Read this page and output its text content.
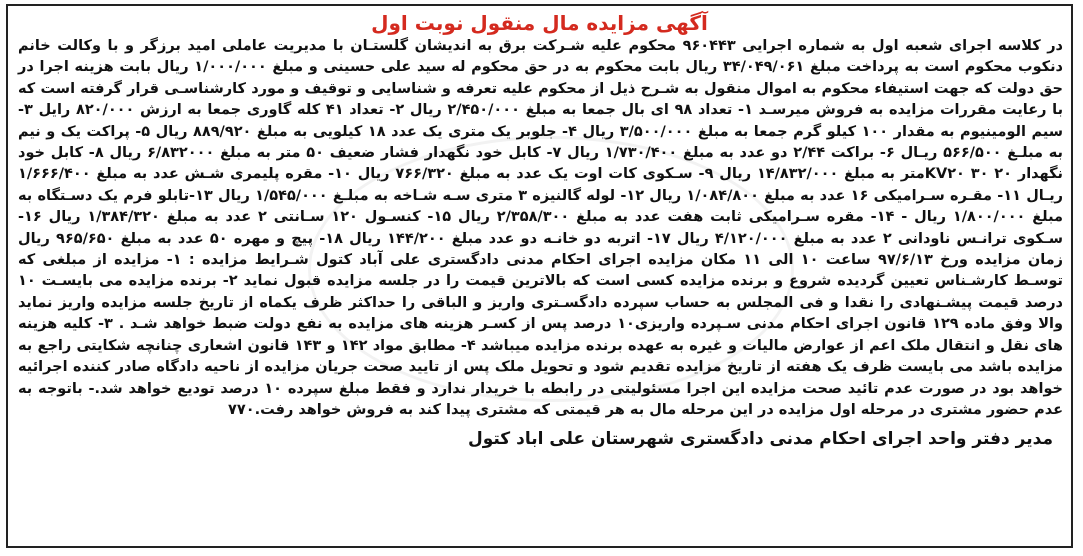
آگهی مزایده مال منقول نوبت اول

در کلاسه اجرای شعبه اول به شماره اجرایی ۹۶۰۴۴۳ محکوم علیه شـرکت برق به اندیشان گلستـان با مدیریت عاملی امید برزگر و با وکالت خانم دنکوب محکوم است به پرداخت مبلغ ۳۴/۰۴۹/۰۶۱ ریال بابت محکوم به در حق محکوم له سید علی حسینی و مبلغ ۱/۰۰۰/۰۰۰ ریال بابت هزینه اجرا در حق دولت که جهت استیفاء محکوم به اموال منقول به شـرح ذیل از محکوم علیه تعرفه و شناسایی و توقیف و مورد کارشناسـی قرار گرفته است که با رعایت مقررات مزایده به فروش میرسـد ۱- تعداد ۹۸ ای بال جمعا به مبلغ ۲/۴۵۰/۰۰۰ ریال ۲- تعداد ۴۱ کله گاوری جمعا به ارزش ۸۲۰/۰۰۰ رایل ۳- سیم الومینیوم به مقدار ۱۰۰ کیلو گرم جمعا به مبلغ ۳/۵۰۰/۰۰۰ ریال ۴- جلوبر یک متری یک عدد ۱۸ کیلویی به مبلغ ۸۸۹/۹۲۰ ریال ۵- پراکت یک و نیم به مبلـغ ۵۶۶/۵۰۰ ریـال ۶- براکت ۲/۴۴ دو عدد به مبلغ ۱/۷۳۰/۴۰۰ ریال ۷- کابل خود نگهدار فشار ضعیف ۵۰ متر به مبلغ ۶/۸۳۲۰۰۰ ریال ۸- کابل خود نگهدار ۲۰ KV۲۰ ۳۰متر به مبلغ ۱۴/۸۳۲/۰۰۰ ریال ۹- سـکوی کات اوت یک عدد به مبلغ ۷۶۶/۳۲۰ ریال ۱۰- مقره پلیمری شـش عدد به مبلغ ۱/۶۶۶/۴۰۰ ریـال ۱۱- مقـره سـرامیکی ۱۶ عدد به مبلغ ۱/۰۸۴/۸۰۰ ریال ۱۲- لوله گالنیزه ۳ متری سـه شـاخه به مبلـغ ۱/۵۴۵/۰۰۰ ریال ۱۳-تابلو فرم یک دسـتگاه به مبلغ ۱/۸۰۰/۰۰۰ ریال - ۱۴- مقره سـرامیکی ثابت هفت عدد به مبلغ ۲/۳۵۸/۳۰۰ ریال ۱۵- کنسـول ۱۲۰ سـانتی ۲ عدد به مبلغ ۱/۳۸۴/۳۲۰ ریال ۱۶- سـکوی ترانـس ناودانی ۲ عدد به مبلغ ۴/۱۲۰/۰۰۰ ریال ۱۷- اتربه دو خانـه دو عدد مبلغ ۱۴۴/۲۰۰ ریال ۱۸- پیچ و مهره ۵۰ عدد به مبلغ ۹۶۵/۶۵۰ ریال زمان مزایده ورخ ۹۷/۶/۱۳ ساعت ۱۰ الی ۱۱ مکان مزایده اجرای احکام مدنی دادگستری علی آباد کتول شـرایط مزایده : ۱- مزایده از مبلغی که توسـط کارشـناس تعیین گردیده شروع و برنده مزایده کسی است که بالاترین قیمت را در جلسه مزایده قبول نماید ۲- برنده مزایده می بایسـت ۱۰ درصد قیمت پیشـنهادی را نقدا و فی المجلس به حساب سپرده دادگسـتری واریز و الباقی را حداکثر ظرف یکماه از تاریخ جلسه مزایده واریز نماید والا وفق ماده ۱۲۹ قانون اجرای احکام مدنی سـپرده واریزی۱۰ درصد پس از کسـر هزینه های مزایده به نفع دولت ضبط خواهد شـد . ۳- کلیه هزینه های نقل و انتقال ملک اعم از عوارض مالیات و غیره به عهده برنده مزایده میباشد ۴- مطابق مواد ۱۴۲ و ۱۴۳ قانون اشعاری چنانچه شکایتی راجع به مزایده باشد می بایست ظرف یک هفته از تاریخ مزایده تقدیم شود و تحویل ملک پس از تایید صحت جریان مزایده از ناحیه دادگاه صادر کننده اجرائیه خواهد بود در صورت عدم تائید صحت مزایده این اجرا مسئولیتی در رابطه با خریدار ندارد و فقط مبلغ سپرده ۱۰ درصد تودیع خواهد شد.- باتوجه به عدم حضور مشتری در مرحله اول مزایده در این مرحله مال به هر قیمتی که مشتری پیدا کند به فروش خواهد رفت.۷۷۰

مدیر دفتر واحد اجرای احکام مدنی دادگستری شهرستان علی اباد کتول
